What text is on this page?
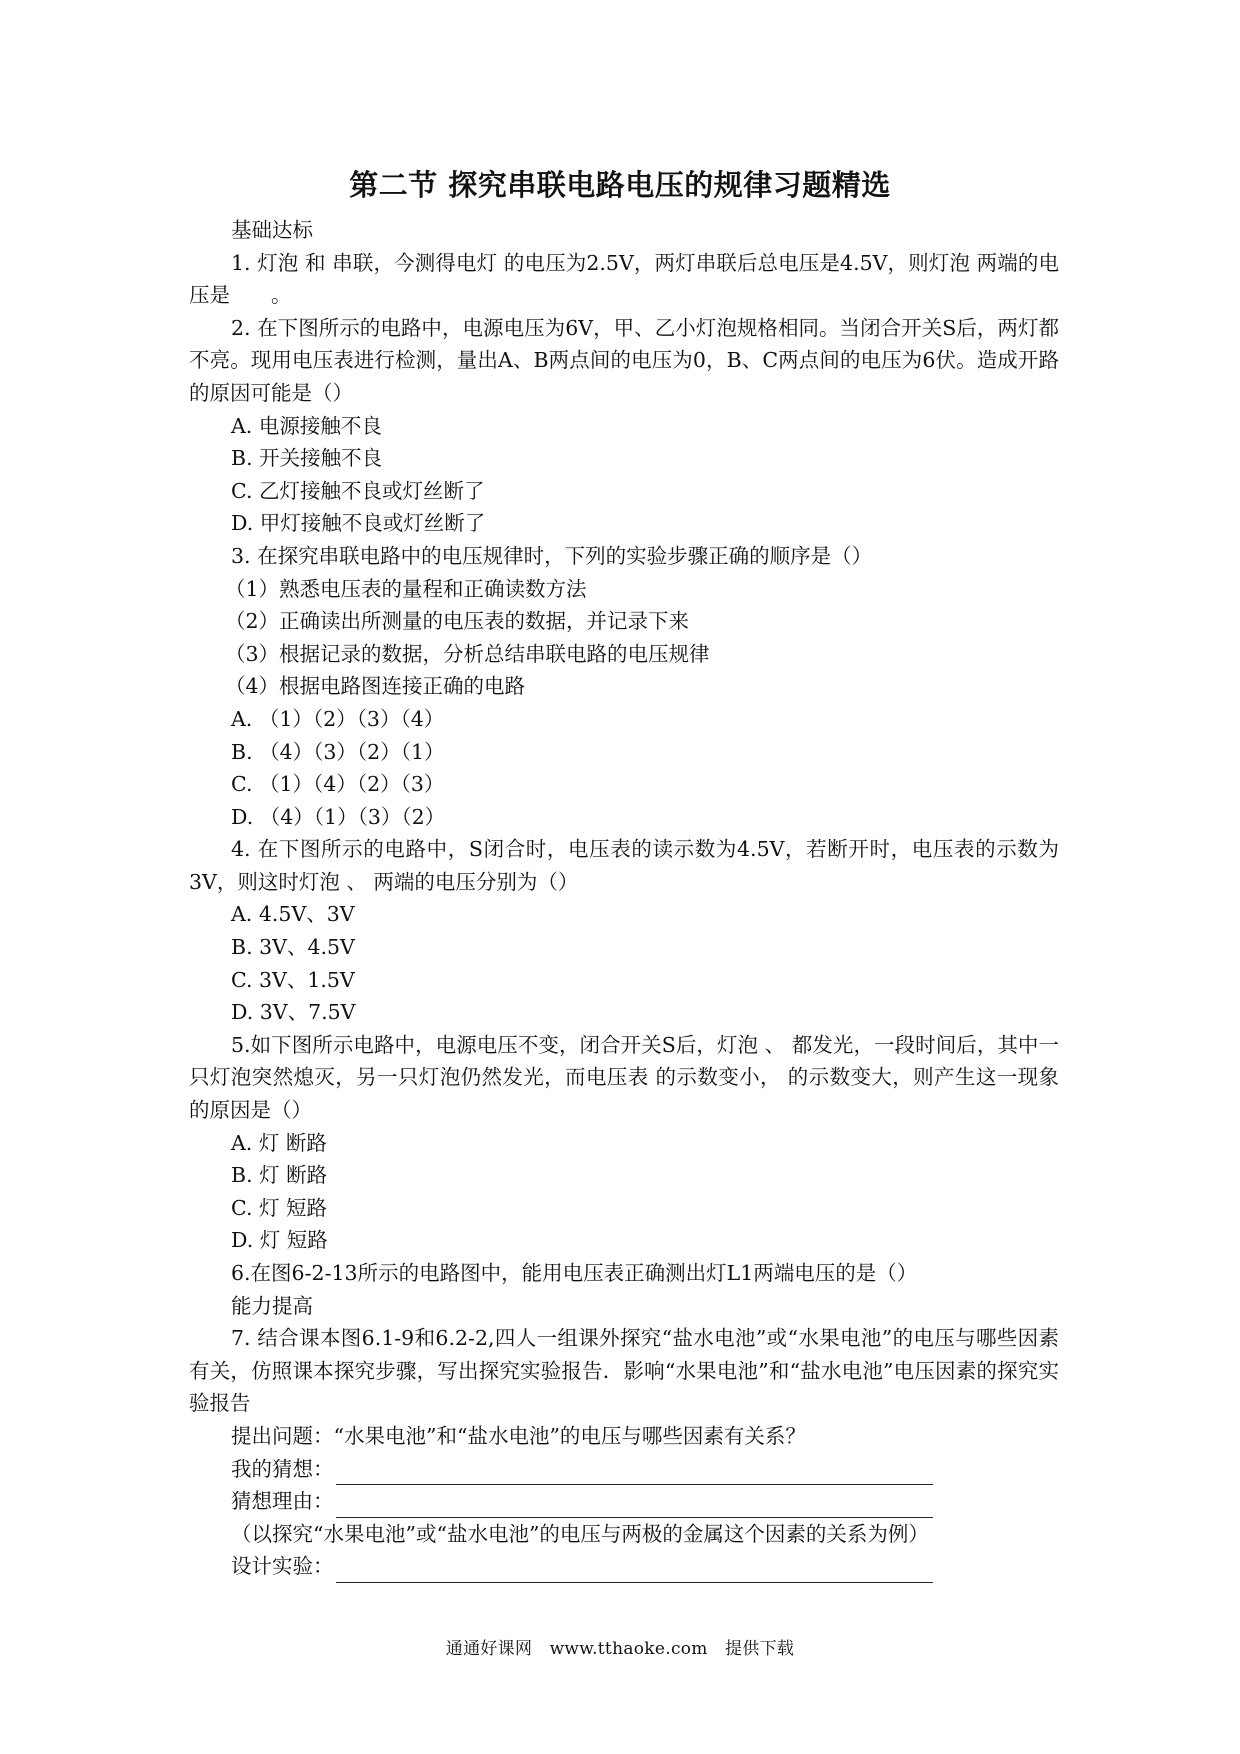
第二节 探究串联电路电压的规律习题精选

基础达标

1. 灯泡 和 串联，今测得电灯 的电压为2.5V，两灯串联后总电压是4.5V，则灯泡 两端的电压是　　。

2. 在下图所示的电路中，电源电压为6V，甲、乙小灯泡规格相同。当闭合开关S后，两灯都不亮。现用电压表进行检测，量出A、B两点间的电压为0，B、C两点间的电压为6伏。造成开路的原因可能是（）

A. 电源接触不良

B. 开关接触不良

C. 乙灯接触不良或灯丝断了

D. 甲灯接触不良或灯丝断了

3. 在探究串联电路中的电压规律时，下列的实验步骤正确的顺序是（）

（1）熟悉电压表的量程和正确读数方法

（2）正确读出所测量的电压表的数据，并记录下来

（3）根据记录的数据，分析总结串联电路的电压规律

（4）根据电路图连接正确的电路

A. （1）（2）（3）（4）

B. （4）（3）（2）（1）

C. （1）（4）（2）（3）

D. （4）（1）（3）（2）

4. 在下图所示的电路中，S闭合时，电压表的读示数为4.5V，若断开时，电压表的示数为3V，则这时灯泡 、 两端的电压分别为（）

A. 4.5V、3V

B. 3V、4.5V

C. 3V、1.5V

D. 3V、7.5V

5.如下图所示电路中，电源电压不变，闭合开关S后，灯泡 、 都发光，一段时间后，其中一只灯泡突然熄灭，另一只灯泡仍然发光，而电压表 的示数变小， 的示数变大，则产生这一现象的原因是（）

A. 灯 断路

B. 灯 断路

C. 灯 短路

D. 灯 短路

6.在图6-2-13所示的电路图中，能用电压表正确测出灯L1两端电压的是（）

能力提高

7. 结合课本图6.1-9和6.2-2,四人一组课外探究“盐水电池”或“水果电池”的电压与哪些因素有关，仿照课本探究步骤，写出探究实验报告．影响“水果电池”和“盐水电池”电压因素的探究实验报告

提出问题：“水果电池”和“盐水电池”的电压与哪些因素有关系？

我的猜想：
猜想理由：

（以探究“水果电池”或“盐水电池”的电压与两极的金属这个因素的关系为例）

设计实验：
通通好课网　www.tthaoke.com　提供下载
